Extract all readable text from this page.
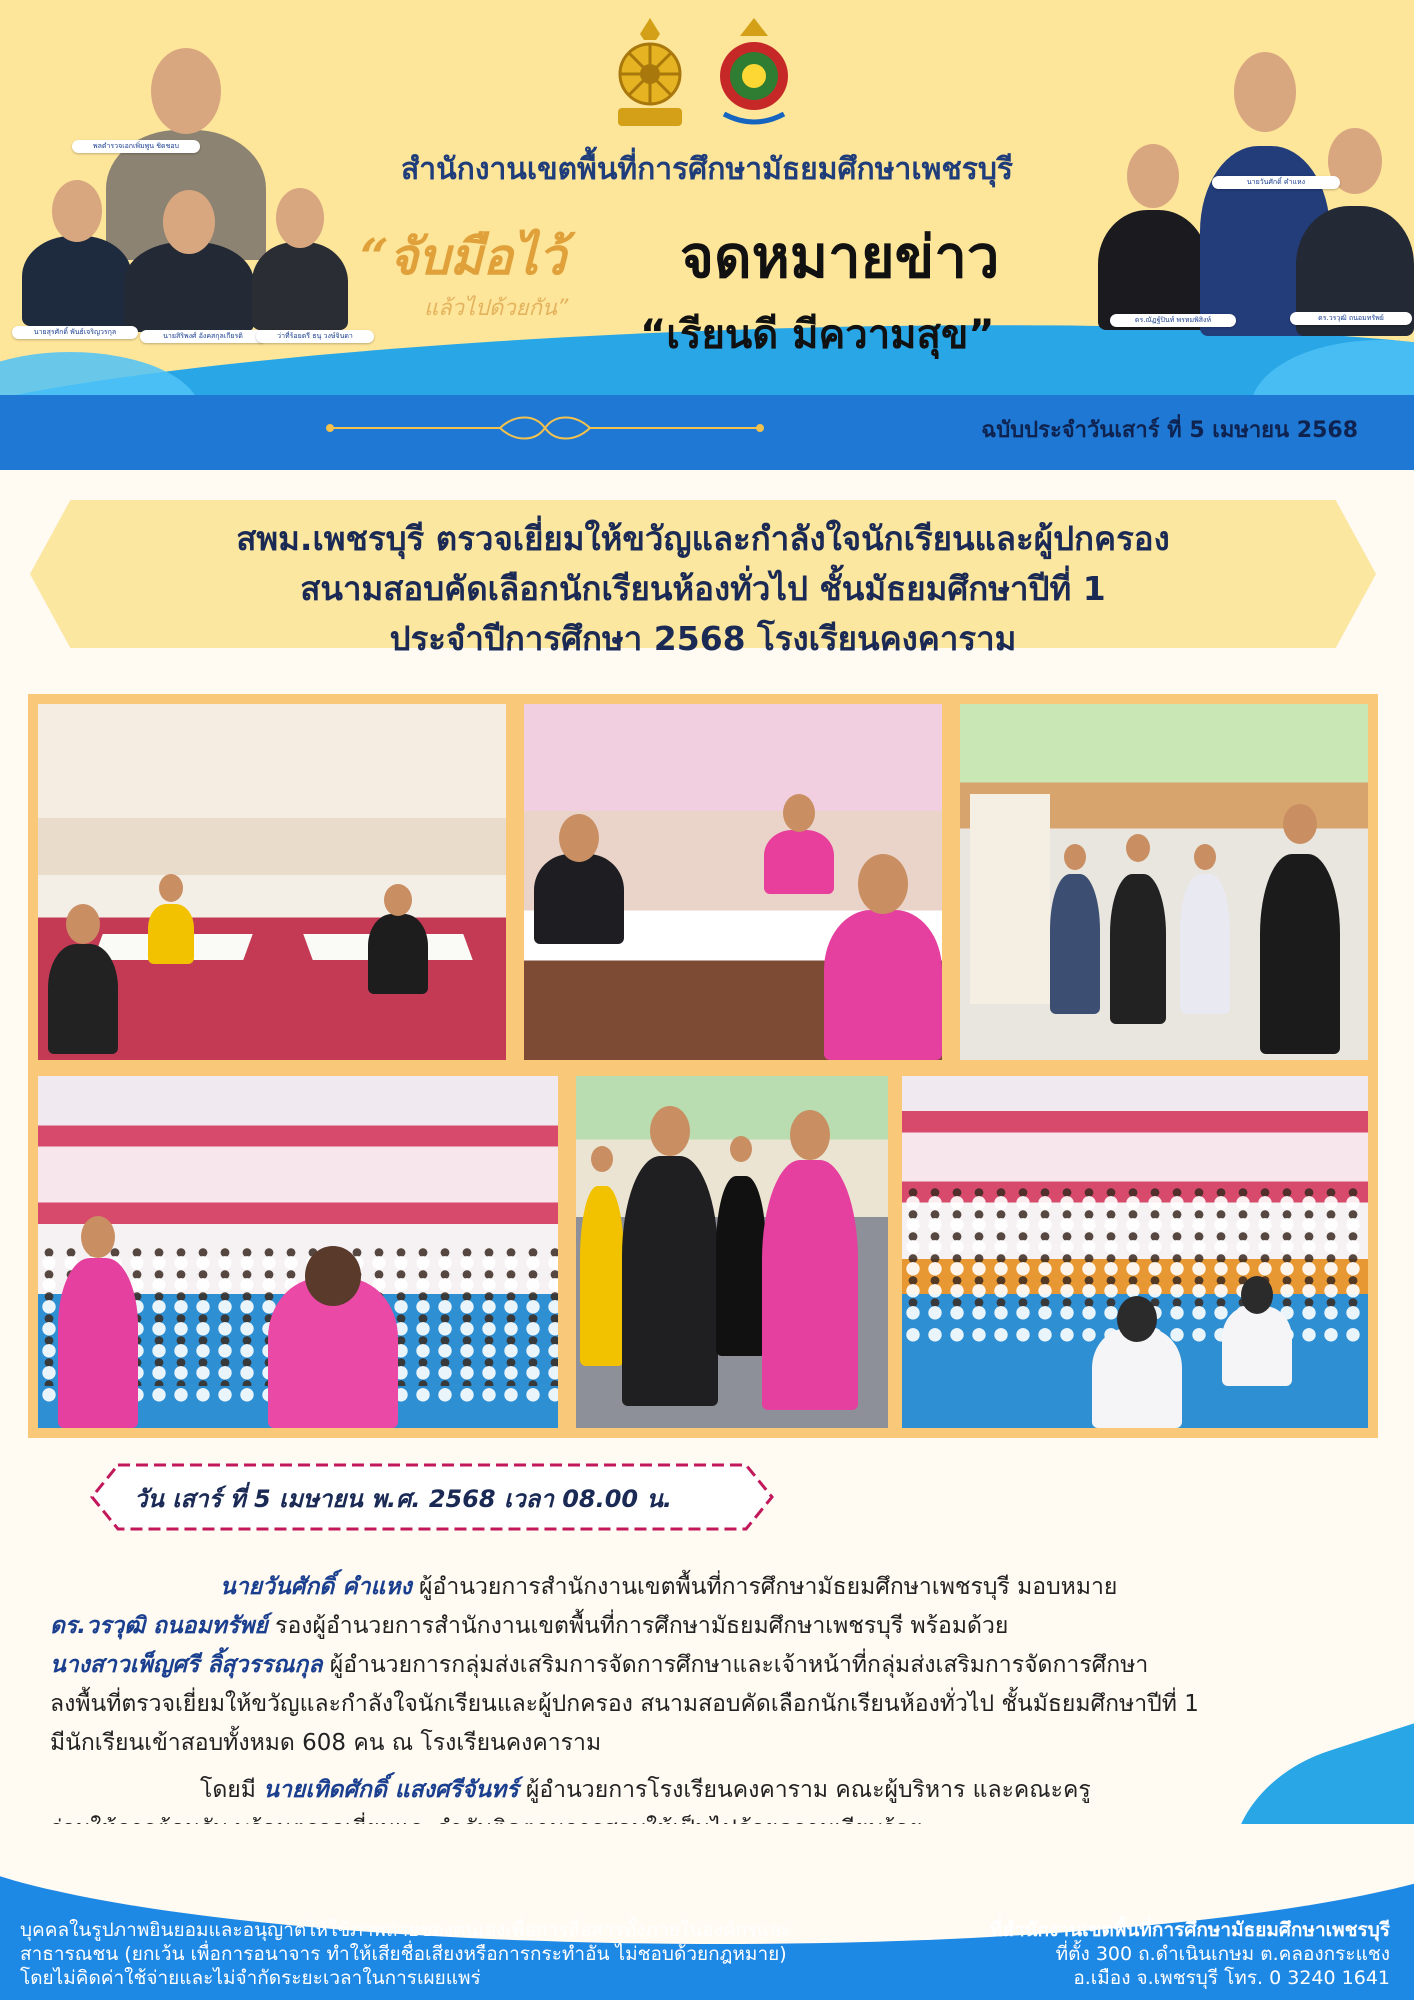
พลตำรวจเอกเพิ่มพูน ชิดชอบ
นายสุรศักดิ์ พันธ์เจริญวรกุล	นายสิริพงศ์ อังคสกุลเกียรติ	ว่าที่ร้อยตรี ธนุ วงษ์จินดา
ดร.ณัฏฐ์ปินท์ พรหมพิสิงห์
นายวันศักดิ์ คำแหง
ดร.วรวุฒิ ถนอมทรัพย์
สำนักงานเขตพื้นที่การศึกษามัธยมศึกษาเพชรบุรี
“จับมือไว้
แล้วไปด้วยกัน”
จดหมายข่าว
“เรียนดี มีความสุข”
ฉบับประจำวันเสาร์ ที่ 5 เมษายน 2568
สพม.เพชรบุรี ตรวจเยี่ยมให้ขวัญและกำลังใจนักเรียนและผู้ปกครอง
สนามสอบคัดเลือกนักเรียนห้องทั่วไป ชั้นมัธยมศึกษาปีที่ 1
ประจำปีการศึกษา 2568 โรงเรียนคงคาราม
วัน เสาร์ ที่ 5 เมษายน พ.ศ. 2568 เวลา 08.00 น.
นายวันศักดิ์ คำแหง ผู้อำนวยการสำนักงานเขตพื้นที่การศึกษามัธยมศึกษาเพชรบุรี มอบหมาย
ดร.วรวุฒิ ถนอมทรัพย์ รองผู้อำนวยการสำนักงานเขตพื้นที่การศึกษามัธยมศึกษาเพชรบุรี พร้อมด้วย
นางสาวเพ็ญศรี ลิ้สุวรรณกุล ผู้อำนวยการกลุ่มส่งเสริมการจัดการศึกษาและเจ้าหน้าที่กลุ่มส่งเสริมการจัดการศึกษา
ลงพื้นที่ตรวจเยี่ยมให้ขวัญและกำลังใจนักเรียนและผู้ปกครอง สนามสอบคัดเลือกนักเรียนห้องทั่วไป ชั้นมัธยมศึกษาปีที่ 1
มีนักเรียนเข้าสอบทั้งหมด 608 คน ณ โรงเรียนคงคาราม
โดยมี นายเทิดศักดิ์ แสงศรีจันทร์ ผู้อำนวยการโรงเรียนคงคาราม คณะผู้บริหาร และคณะครู
บุคคลในรูปภาพยินยอมและอนุญาตให้ใช้ภาพถ่ายของตนเองเพื่อการสื่อสารทั้งภายในองค์กรและ
สาธารณชน (ยกเว้น เพื่อการอนาจาร ทำให้เสียชื่อเสียงหรือการกระทำอัน ไม่ชอบด้วยกฎหมาย)
โดยไม่คิดค่าใช้จ่ายและไม่จำกัดระยะเวลาในการเผยแพร่
ที่สำนักงานเขตพื้นที่การศึกษามัธยมศึกษาเพชรบุรี
ที่ตั้ง 300 ถ.ดำเนินเกษม ต.คลองกระแชง
อ.เมือง จ.เพชรบุรี โทร. 0 3240 1641
